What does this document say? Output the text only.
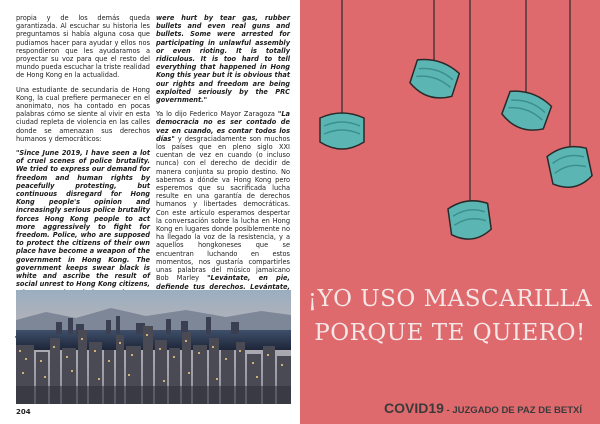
propia y de los demás queda garantizada. Al escuchar su historia les preguntamos si había alguna cosa que pudiamos hacer para ayudar y ellos nos respondieron que les ayudaramos a proyectar su voz para que el resto del mundo pueda escuchar la triste realidad de Hong Kong en la actualidad.

Una estudiante de secundaria de Hong Kong, la cual prefiere permanecer en el anonimato, nos ha contado en pocas palabras cómo se siente al vivir en esta ciudad repleta de violencia en las calles donde se amenazan sus derechos humanos y democráticos:

"Since June 2019, I have seen a lot of cruel scenes of police brutality. We tried to express our demand for freedom and human rights by peacefully protesting, but continuous disregard for Hong Kong people's opinion and increasingly serious police brutality forces Hong Kong people to act more aggressively to fight for freedom. Police, who are supposed to protect the citizens of their own place have become a weapon of the government in Hong Kong. The government keeps swear black is white and ascribe the result of social unrest to Hong Kong citizens,

were hurt by tear gas, rubber bullets and even real guns and bullets. Some were arrested for participating in unlawful assembly or even rioting. It is totally ridiculous. It is too hard to tell everything that happened in Hong Kong this year but it is obvious that our rights and freedom are being exploited seriously by the PRC government."

Ya lo dijo Federico Mayor Zaragoza "La democracia no es ser contado de vez en cuando, es contar todos los días" y desgraciadamente son muchos los países que en pleno siglo XXI cuentan de vez en cuando (o incluso nunca) con el derecho de decidir de manera conjunta su propio destino. No sabemos a dónde va Hong Kong pero esperemos que su sacrificada lucha resulte en una garantía de derechos humanos y libertades democráticas. Con este artículo esperamos despertar la conversación sobre la lucha en Hong Kong en lugares donde posiblemente no ha llegado la voz de la resistencia, y a aquellos hongkoneses que se encuentran luchando en estos momentos, nos gustaría compartirles unas palabras del músico jamaicano Bob Marley "Levántate, en pie, defiende tus derechos. Levántate,

204
¡YO USO MASCARILLA
PORQUE TE QUIERO!
COVID19 - JUZGADO DE PAZ DE BETXÍ
